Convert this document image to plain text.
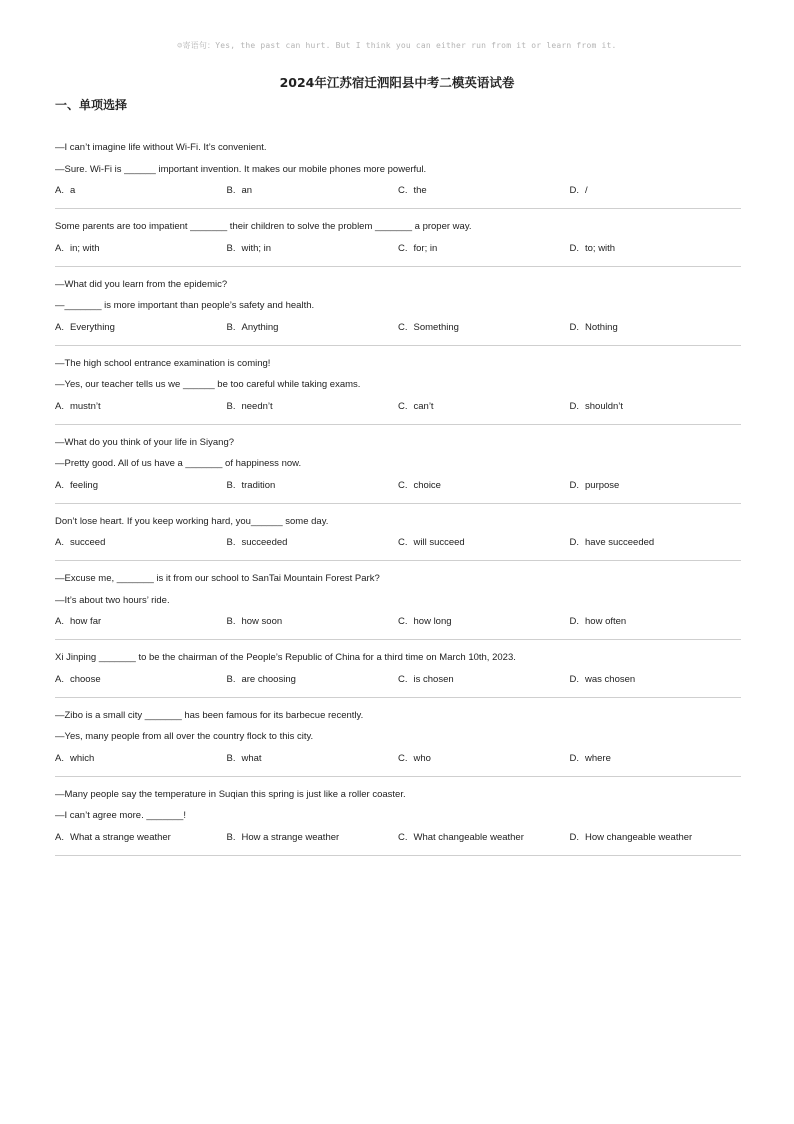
☺寄语句：Yes, the past can hurt. But I think you can either run from it or learn from it.
2024年江苏宿迁泗阳县中考二模英语试卷
一、单项选择
—I can’t imagine life without Wi-Fi. It’s convenient.
—Sure. Wi-Fi is ______ important invention. It makes our mobile phones more powerful.
A. a	B. an	C. the	D. /
Some parents are too impatient _______ their children to solve the problem _______ a proper way.
A. in; with	B. with; in	C. for; in	D. to; with
—What did you learn from the epidemic?
—_______ is more important than people’s safety and health.
A. Everything	B. Anything	C. Something	D. Nothing
—The high school entrance examination is coming!
—Yes, our teacher tells us we ______ be too careful while taking exams.
A. mustn’t	B. needn’t	C. can’t	D. shouldn’t
—What do you think of your life in Siyang?
—Pretty good. All of us have a _______ of happiness now.
A. feeling	B. tradition	C. choice	D. purpose
Don’t lose heart. If you keep working hard, you______ some day.
A. succeed	B. succeeded	C. will succeed	D. have succeeded
—Excuse me, _______ is it from our school to SanTai Mountain Forest Park?
—It’s about two hours’ ride.
A. how far	B. how soon	C. how long	D. how often
Xi Jinping _______ to be the chairman of the People’s Republic of China for a third time on March 10th, 2023.
A. choose	B. are choosing	C. is chosen	D. was chosen
—Zibo is a small city _______ has been famous for its barbecue recently.
—Yes, many people from all over the country flock to this city.
A. which	B. what	C. who	D. where
—Many people say the temperature in Suqian this spring is just like a roller coaster.
—I can’t agree more. _______!
A. What a strange weather	B. How a strange weather	C. What changeable weather	D. How changeable weather
